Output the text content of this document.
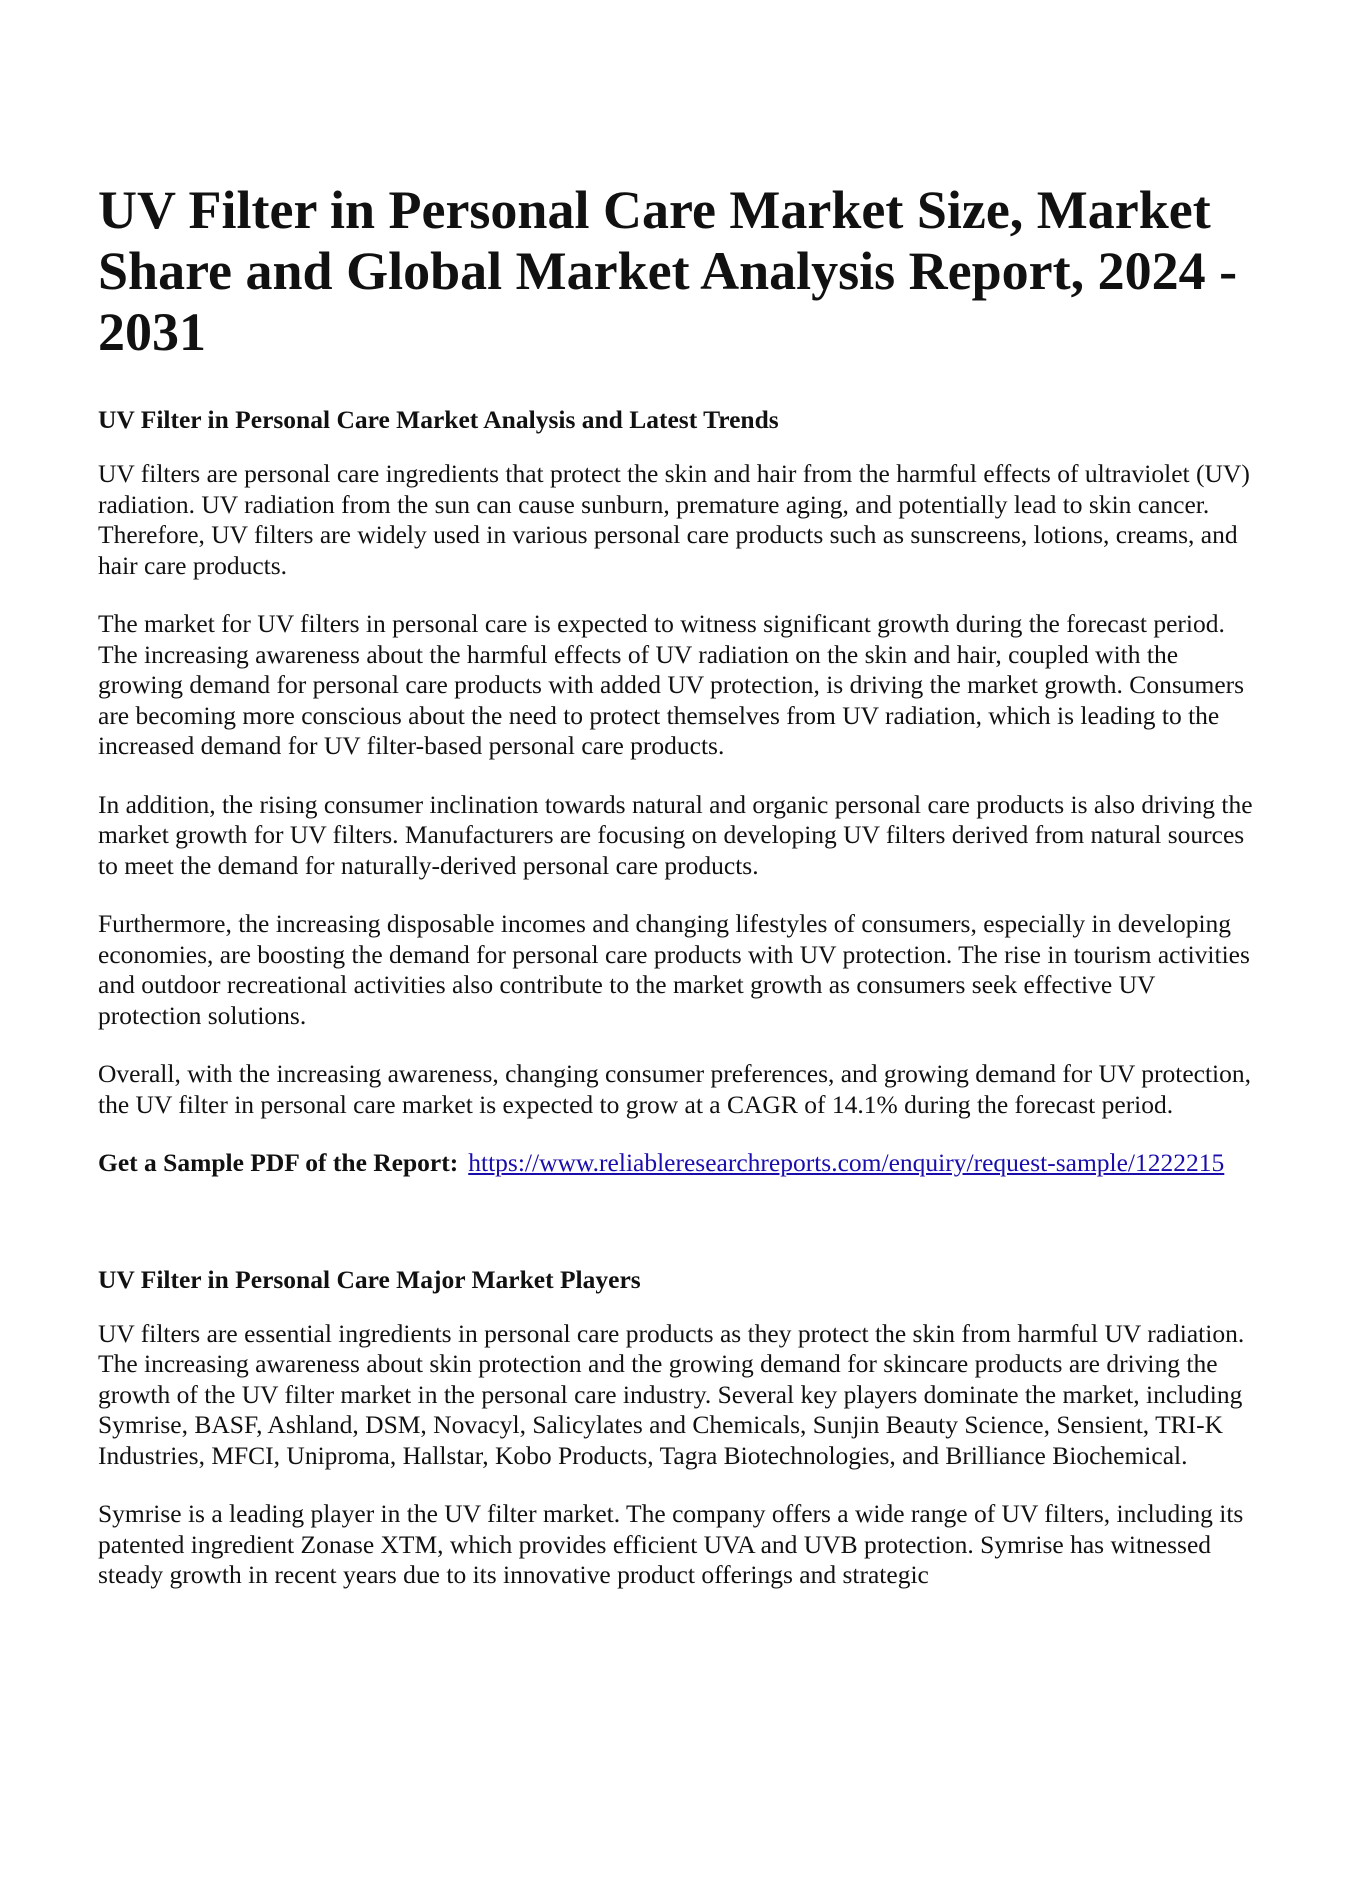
UV Filter in Personal Care Market Size, Market Share and Global Market Analysis Report, 2024 - 2031
UV Filter in Personal Care Market Analysis and Latest Trends

UV filters are personal care ingredients that protect the skin and hair from the harmful effects of ultraviolet (UV) radiation. UV radiation from the sun can cause sunburn, premature aging, and potentially lead to skin cancer. Therefore, UV filters are widely used in various personal care products such as sunscreens, lotions, creams, and hair care products.

The market for UV filters in personal care is expected to witness significant growth during the forecast period. The increasing awareness about the harmful effects of UV radiation on the skin and hair, coupled with the growing demand for personal care products with added UV protection, is driving the market growth. Consumers are becoming more conscious about the need to protect themselves from UV radiation, which is leading to the increased demand for UV filter-based personal care products.

In addition, the rising consumer inclination towards natural and organic personal care products is also driving the market growth for UV filters. Manufacturers are focusing on developing UV filters derived from natural sources to meet the demand for naturally-derived personal care products.

Furthermore, the increasing disposable incomes and changing lifestyles of consumers, especially in developing economies, are boosting the demand for personal care products with UV protection. The rise in tourism activities and outdoor recreational activities also contribute to the market growth as consumers seek effective UV protection solutions.

Overall, with the increasing awareness, changing consumer preferences, and growing demand for UV protection, the UV filter in personal care market is expected to grow at a CAGR of 14.1% during the forecast period.

Get a Sample PDF of the Report: https://www.reliableresearchreports.com/enquiry/request-sample/1222215

UV Filter in Personal Care Major Market Players

UV filters are essential ingredients in personal care products as they protect the skin from harmful UV radiation. The increasing awareness about skin protection and the growing demand for skincare products are driving the growth of the UV filter market in the personal care industry. Several key players dominate the market, including Symrise, BASF, Ashland, DSM, Novacyl, Salicylates and Chemicals, Sunjin Beauty Science, Sensient, TRI-K Industries, MFCI, Uniproma, Hallstar, Kobo Products, Tagra Biotechnologies, and Brilliance Biochemical.

Symrise is a leading player in the UV filter market. The company offers a wide range of UV filters, including its patented ingredient Zonase XTM, which provides efficient UVA and UVB protection. Symrise has witnessed steady growth in recent years due to its innovative product offerings and strategic
